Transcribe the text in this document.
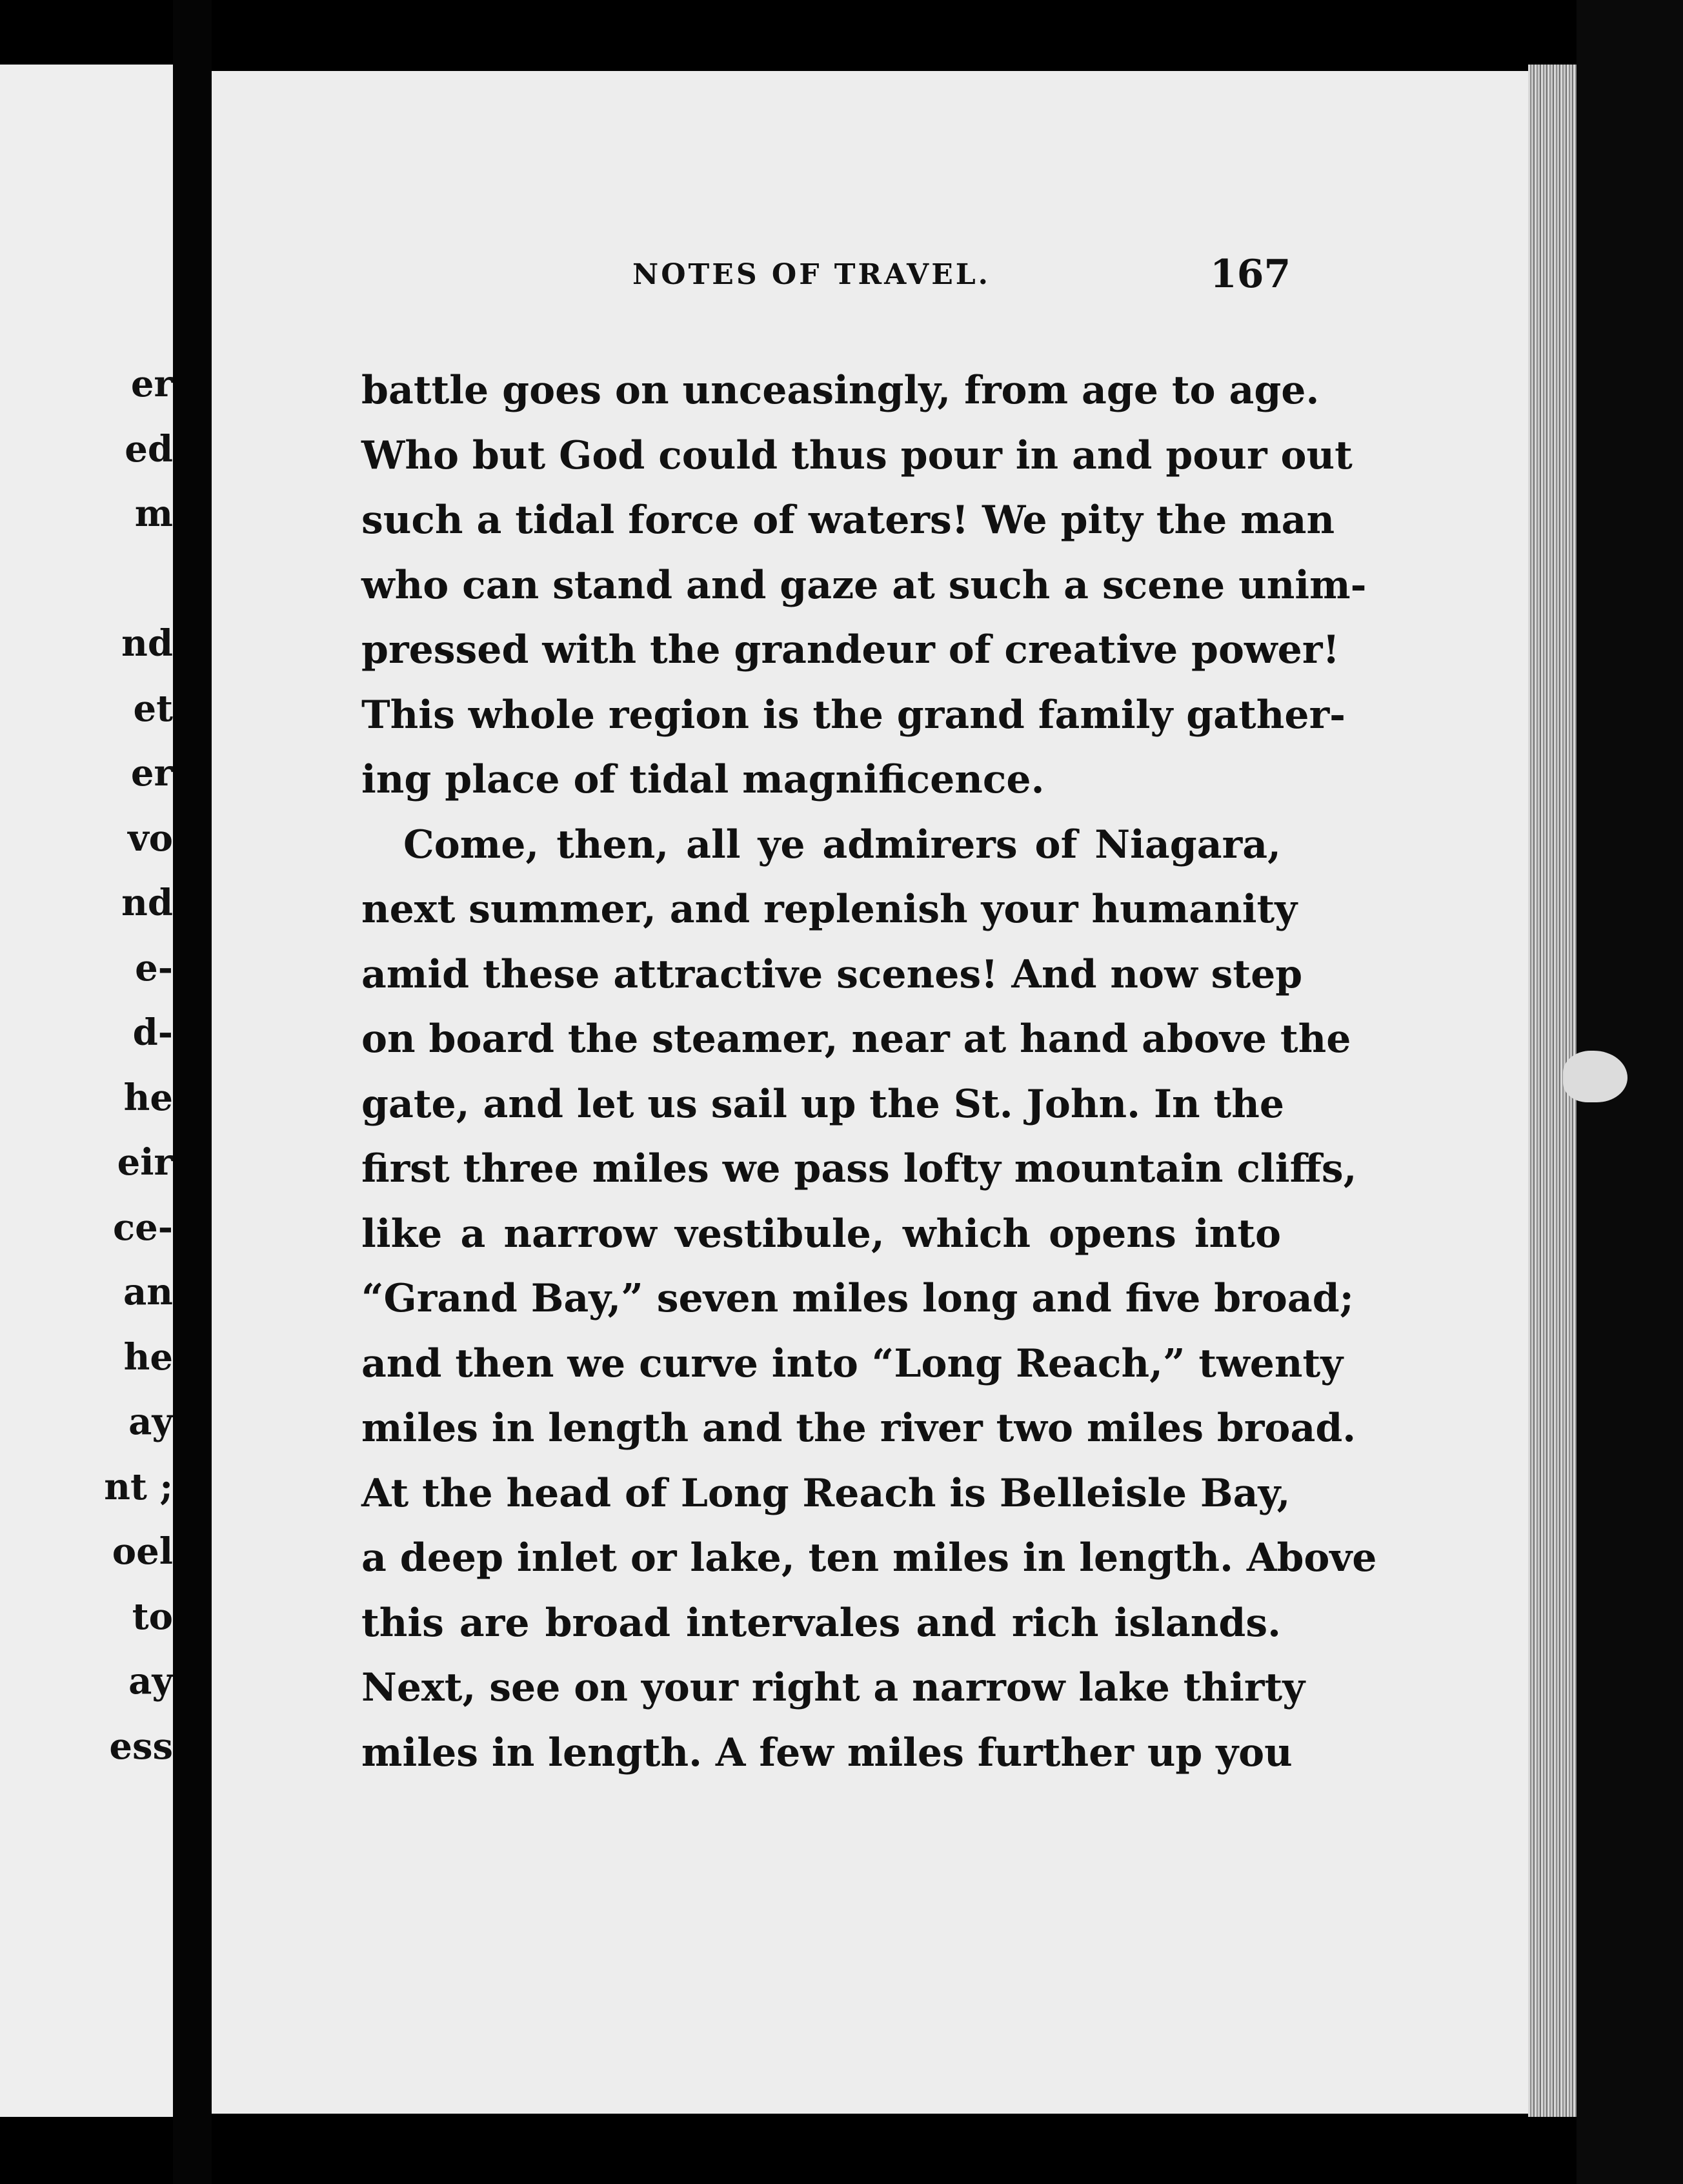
er
ed
m
nd
et
er
vo
nd
e-
d-
he
eir
ce-
an
he
ay
nt ;
oel
to
ay
ess
NOTES OF TRAVEL.	167
battle goes on unceasingly, from age to age.
Who but God could thus pour in and pour out
such a tidal force of waters! We pity the man
who can stand and gaze at such a scene unim-
pressed with the grandeur of creative power!
This whole region is the grand family gather-
ing place of tidal magnificence.
Come, then, all ye admirers of Niagara,
next summer, and replenish your humanity
amid these attractive scenes! And now step
on board the steamer, near at hand above the
gate, and let us sail up the St. John. In the
first three miles we pass lofty mountain cliffs,
like a narrow vestibule, which opens into
“Grand Bay,” seven miles long and five broad;
and then we curve into “Long Reach,” twenty
miles in length and the river two miles broad.
At the head of Long Reach is Belleisle Bay,
a deep inlet or lake, ten miles in length. Above
this are broad intervales and rich islands.
Next, see on your right a narrow lake thirty
miles in length. A few miles further up you
